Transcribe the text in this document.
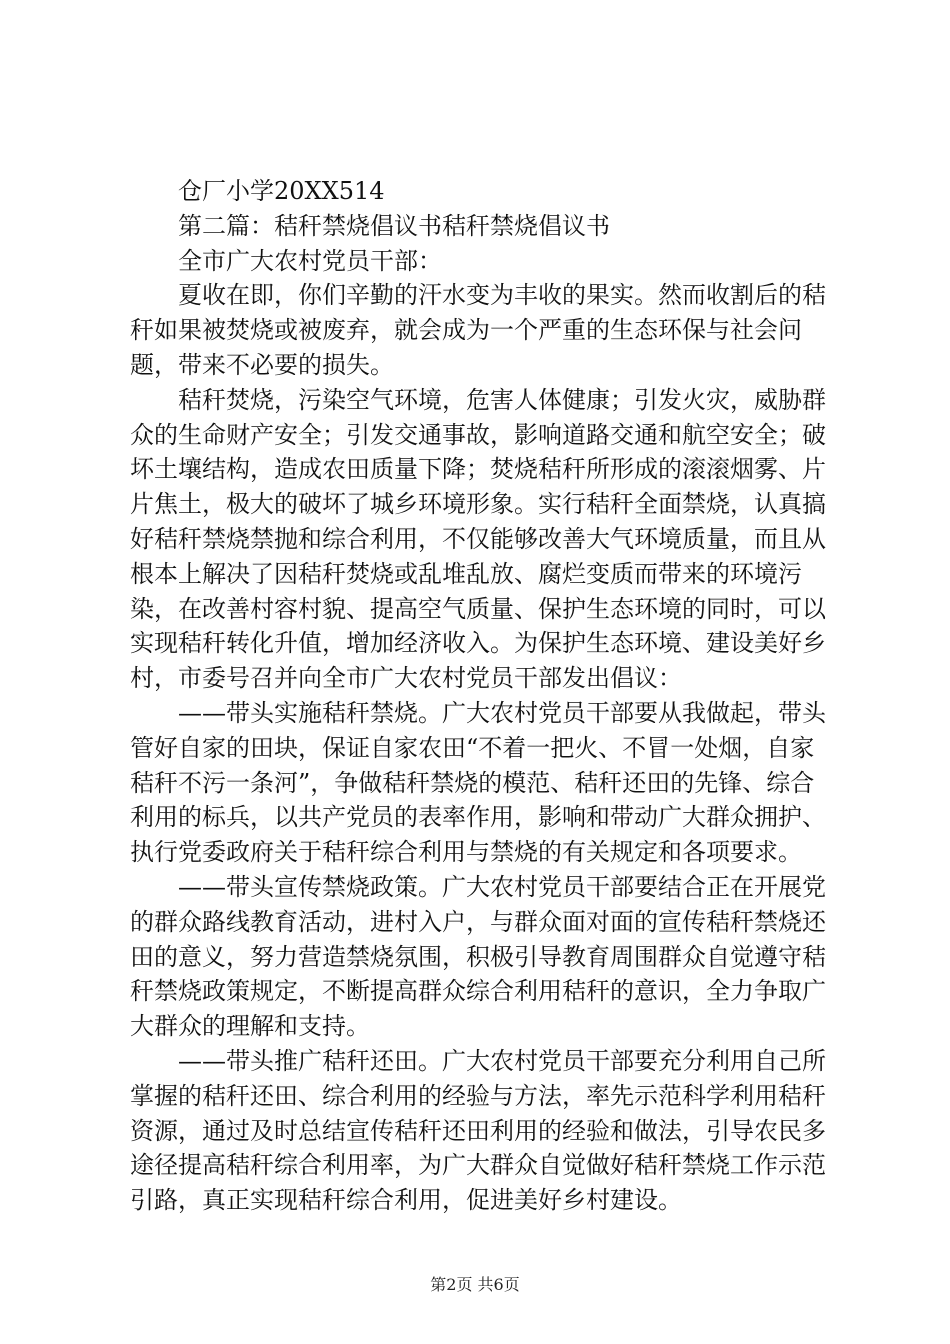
仓厂小学20XX514

第二篇：秸秆禁烧倡议书秸秆禁烧倡议书

全市广大农村党员干部：

夏收在即，你们辛勤的汗水变为丰收的果实。然而收割后的秸秆如果被焚烧或被废弃，就会成为一个严重的生态环保与社会问题，带来不必要的损失。

秸秆焚烧，污染空气环境，危害人体健康；引发火灾，威胁群众的生命财产安全；引发交通事故，影响道路交通和航空安全；破坏土壤结构，造成农田质量下降；焚烧秸秆所形成的滚滚烟雾、片片焦土，极大的破坏了城乡环境形象。实行秸秆全面禁烧，认真搞好秸秆禁烧禁抛和综合利用，不仅能够改善大气环境质量，而且从根本上解决了因秸秆焚烧或乱堆乱放、腐烂变质而带来的环境污染，在改善村容村貌、提高空气质量、保护生态环境的同时，可以实现秸秆转化升值，增加经济收入。为保护生态环境、建设美好乡村，市委号召并向全市广大农村党员干部发出倡议：

——带头实施秸秆禁烧。广大农村党员干部要从我做起，带头管好自家的田块，保证自家农田“不着一把火、不冒一处烟，自家秸秆不污一条河”，争做秸秆禁烧的模范、秸秆还田的先锋、综合利用的标兵，以共产党员的表率作用，影响和带动广大群众拥护、执行党委政府关于秸秆综合利用与禁烧的有关规定和各项要求。

——带头宣传禁烧政策。广大农村党员干部要结合正在开展党的群众路线教育活动，进村入户，与群众面对面的宣传秸秆禁烧还田的意义，努力营造禁烧氛围，积极引导教育周围群众自觉遵守秸秆禁烧政策规定，不断提高群众综合利用秸秆的意识，全力争取广大群众的理解和支持。

——带头推广秸秆还田。广大农村党员干部要充分利用自己所掌握的秸秆还田、综合利用的经验与方法，率先示范科学利用秸秆资源，通过及时总结宣传秸秆还田利用的经验和做法，引导农民多途径提高秸秆综合利用率，为广大群众自觉做好秸秆禁烧工作示范引路，真正实现秸秆综合利用，促进美好乡村建设。

第2页 共6页
